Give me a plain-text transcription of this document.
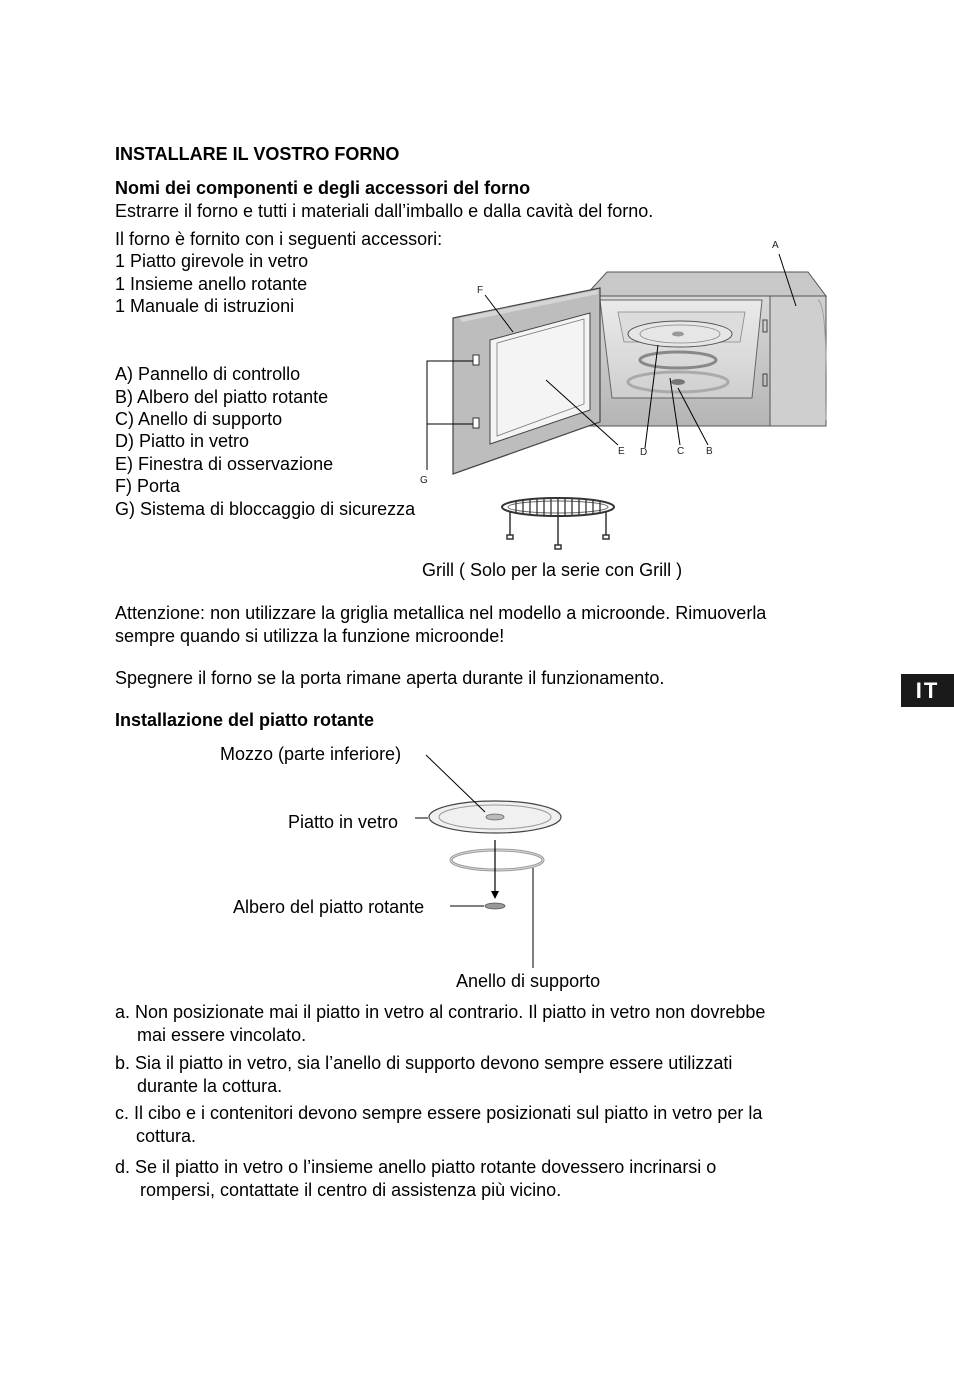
INSTALLARE IL VOSTRO FORNO
Nomi dei componenti e degli accessori del forno
Estrarre il forno e tutti i materiali dall’imballo e dalla cavità del forno.
Il forno è fornito con i seguenti accessori:
1 Piatto girevole in vetro
1 Insieme anello rotante
1 Manuale di istruzioni
A) Pannello di controllo
B) Albero del piatto rotante
C) Anello di supporto
D) Piatto in vetro
E) Finestra di osservazione
F) Porta
G) Sistema di bloccaggio di sicurezza
A
F
E D	C B
G
Grill ( Solo per la serie con Grill )
Attenzione: non utilizzare la griglia metallica nel modello a microonde. Rimuoverla
sempre quando si utilizza la funzione microonde!
Spegnere il forno se la porta rimane aperta durante il funzionamento.	IT
Installazione del piatto rotante
Mozzo (parte inferiore)
Piatto in vetro
Albero del piatto rotante
Anello di supporto
a. Non posizionate mai il piatto in vetro al contrario. Il piatto in vetro non dovrebbe
mai essere vincolato.
b. Sia il piatto in vetro, sia l’anello di supporto devono sempre essere utilizzati
durante la cottura.
c. Il cibo e i contenitori devono sempre essere posizionati sul piatto in vetro per la
cottura.
d. Se il piatto in vetro o l’insieme anello piatto rotante dovessero incrinarsi o
rompersi, contattate il centro di assistenza più vicino.
